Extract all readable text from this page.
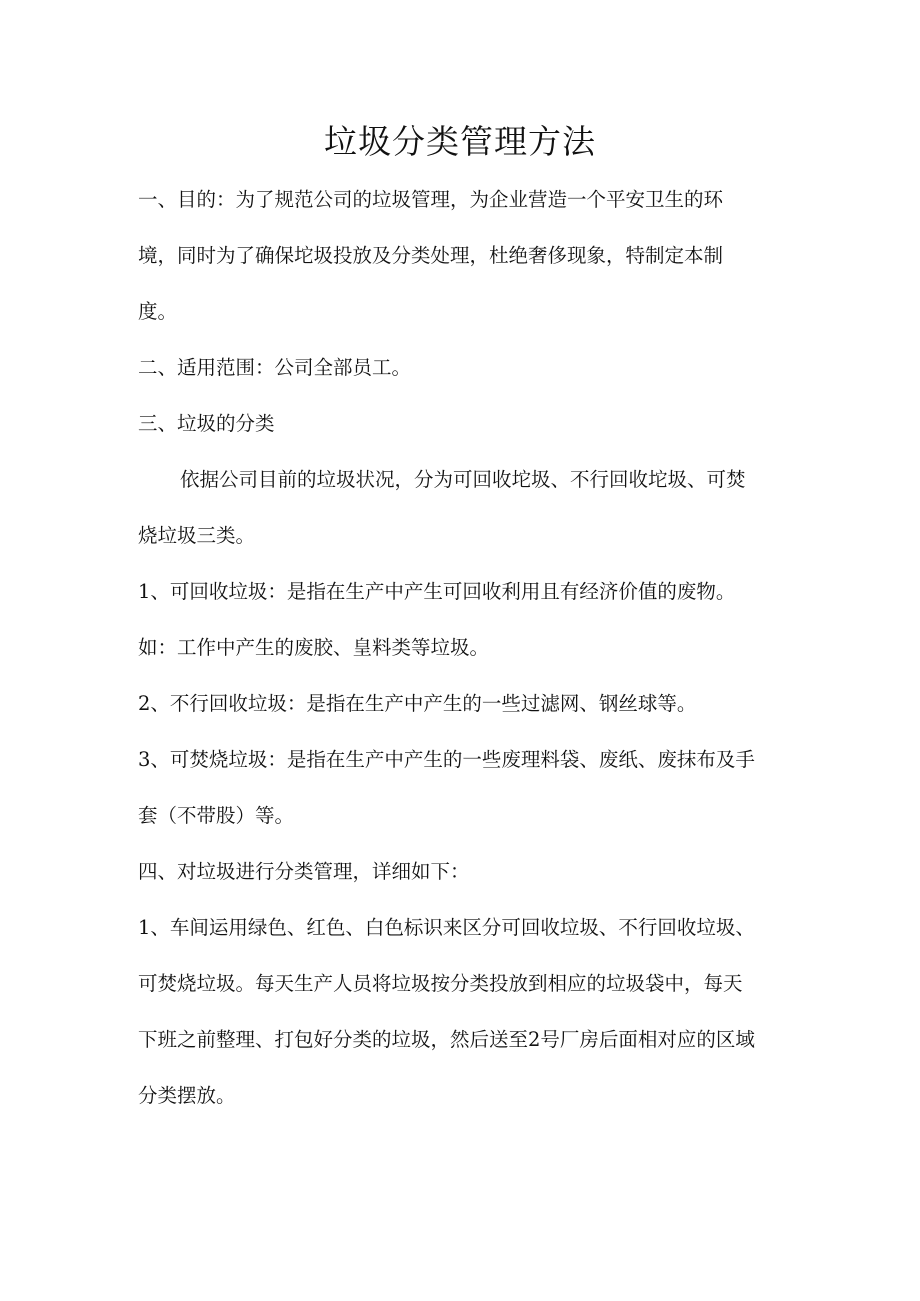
垃圾分类管理方法

一、目的：为了规范公司的垃圾管理，为企业营造一个平安卫生的环

境，同时为了确保坨圾投放及分类处理，杜绝奢侈现象，特制定本制

度。

二、适用范围：公司全部员工。

三、垃圾的分类

依据公司目前的垃圾状况，分为可回收坨圾、不行回收坨圾、可焚

烧垃圾三类。

1、可回收垃圾：是指在生产中产生可回收利用且有经济价值的废物。

如：工作中产生的废胶、皇料类等垃圾。

2、不行回收垃圾：是指在生产中产生的一些过滤网、钢丝球等。

3、可焚烧垃圾：是指在生产中产生的一些废理料袋、废纸、废抹布及手

套（不带股）等。

四、对垃圾进行分类管理，详细如下：

1、车间运用绿色、红色、白色标识来区分可回收垃圾、不行回收垃圾、

可焚烧垃圾。每天生产人员将垃圾按分类投放到相应的垃圾袋中，每天

下班之前整理、打包好分类的垃圾，然后送至2号厂房后面相对应的区域

分类摆放。
